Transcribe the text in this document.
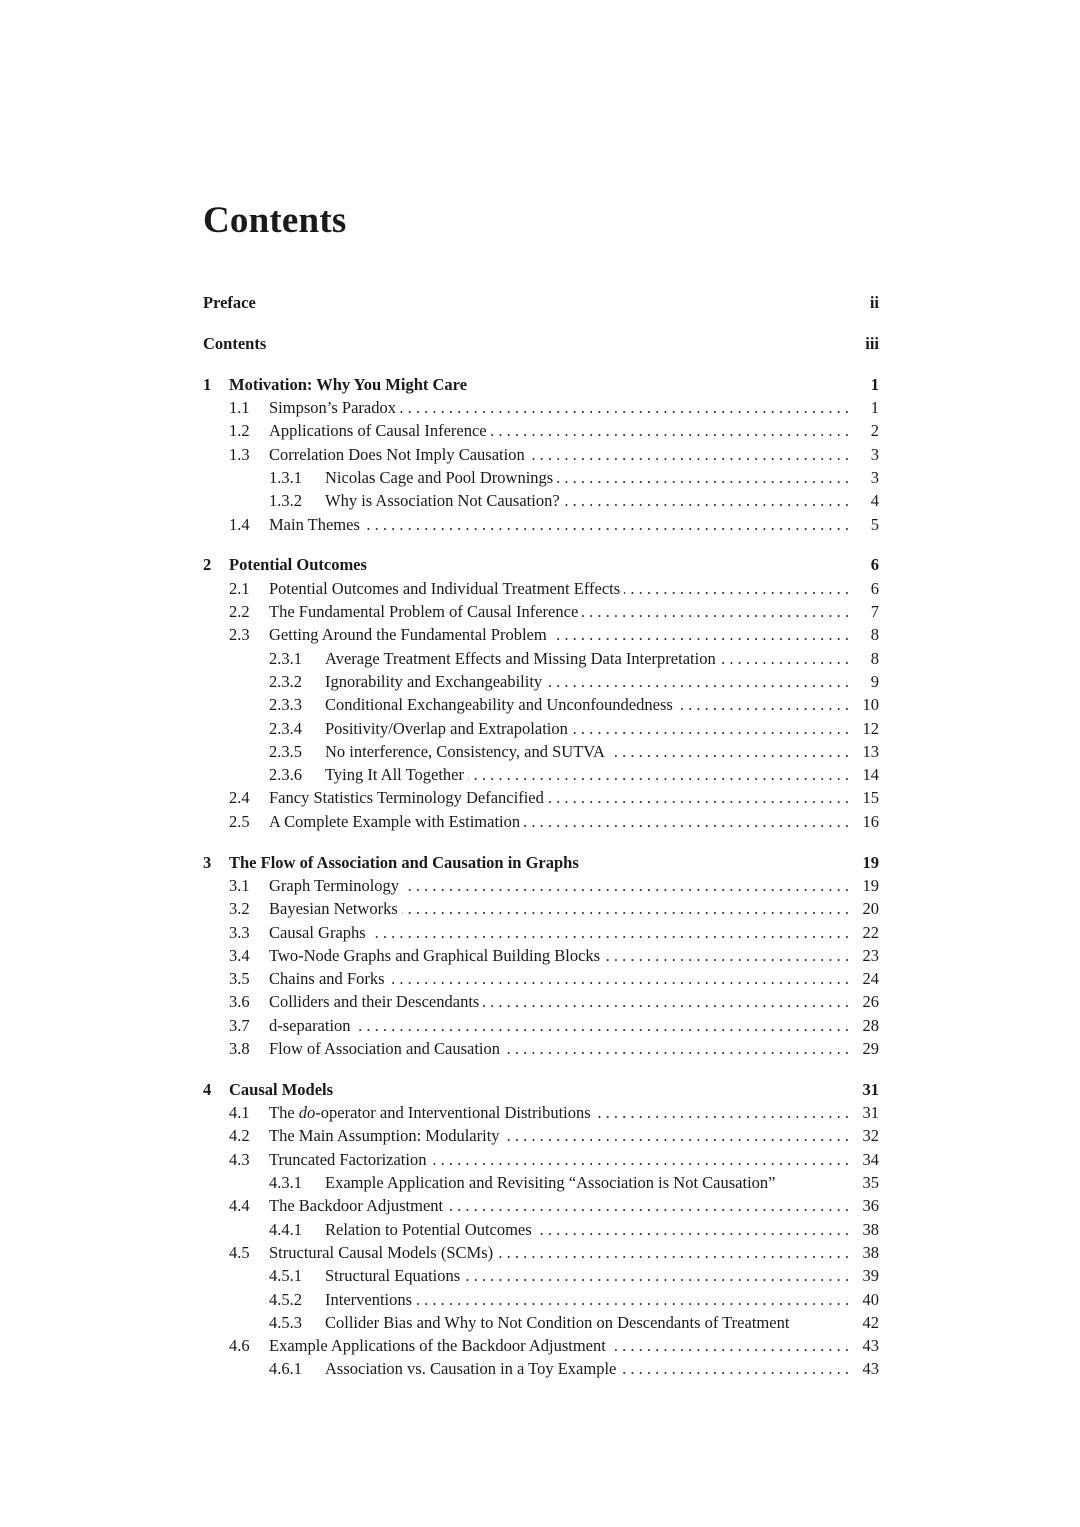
Contents
Preface	ii
Contents	iii
1 Motivation: Why You Might Care	1
1.1 Simpson’s Paradox . . .	1
1.2 Applications of Causal Inference . . .	2
1.3 Correlation Does Not Imply Causation . . .	3
1.3.1 Nicolas Cage and Pool Drownings . . .	3
1.3.2 Why is Association Not Causation? . . .	4
1.4 Main Themes . . .	5
2 Potential Outcomes	6
2.1 Potential Outcomes and Individual Treatment Effects . . .	6
2.2 The Fundamental Problem of Causal Inference . . .	7
2.3 Getting Around the Fundamental Problem . . .	8
2.3.1 Average Treatment Effects and Missing Data Interpretation . . .	8
2.3.2 Ignorability and Exchangeability . . .	9
2.3.3 Conditional Exchangeability and Unconfoundedness . . .	10
2.3.4 Positivity/Overlap and Extrapolation . . .	12
2.3.5 No interference, Consistency, and SUTVA . . .	13
2.3.6 Tying It All Together . . .	14
2.4 Fancy Statistics Terminology Defancified . . .	15
2.5 A Complete Example with Estimation . . .	16
3 The Flow of Association and Causation in Graphs	19
3.1 Graph Terminology . . .	19
3.2 Bayesian Networks . . .	20
3.3 Causal Graphs . . .	22
3.4 Two-Node Graphs and Graphical Building Blocks . . .	23
3.5 Chains and Forks . . .	24
3.6 Colliders and their Descendants . . .	26
3.7 d-separation . . .	28
3.8 Flow of Association and Causation . . .	29
4 Causal Models	31
4.1 The do-operator and Interventional Distributions . . .	31
4.2 The Main Assumption: Modularity . . .	32
4.3 Truncated Factorization . . .	34
4.3.1 Example Application and Revisiting “Association is Not Causation”	35
4.4 The Backdoor Adjustment . . .	36
4.4.1 Relation to Potential Outcomes . . .	38
4.5 Structural Causal Models (SCMs) . . .	38
4.5.1 Structural Equations . . .	39
4.5.2 Interventions . . .	40
4.5.3 Collider Bias and Why to Not Condition on Descendants of Treatment	42
4.6 Example Applications of the Backdoor Adjustment . . .	43
4.6.1 Association vs. Causation in a Toy Example . . .	43
